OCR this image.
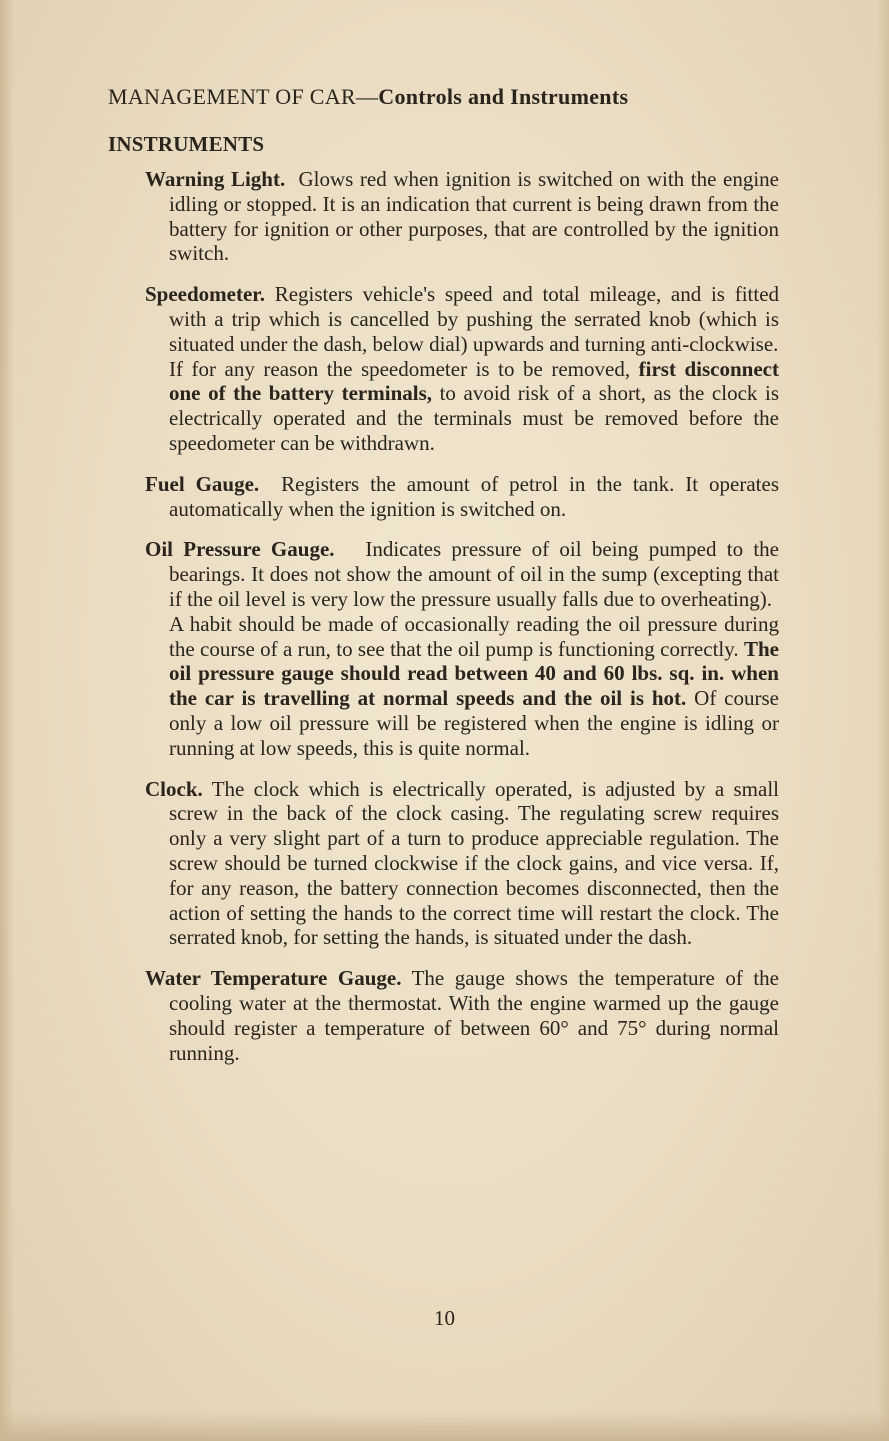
MANAGEMENT OF CAR—Controls and Instruments
INSTRUMENTS

Warning Light. Glows red when ignition is switched on with the engine idling or stopped. It is an indication that current is being drawn from the battery for ignition or other purposes, that are controlled by the ignition switch.

Speedometer. Registers vehicle's speed and total mileage, and is fitted with a trip which is cancelled by pushing the serrated knob (which is situated under the dash, below dial) upwards and turning anti-clockwise.

If for any reason the speedometer is to be removed, first disconnect one of the battery terminals, to avoid risk of a short, as the clock is electrically operated and the terminals must be removed before the speedometer can be withdrawn.

Fuel Gauge. Registers the amount of petrol in the tank. It operates automatically when the ignition is switched on.

Oil Pressure Gauge. Indicates pressure of oil being pumped to the bearings. It does not show the amount of oil in the sump (excepting that if the oil level is very low the pressure usually falls due to overheating).

A habit should be made of occasionally reading the oil pressure during the course of a run, to see that the oil pump is functioning correctly. The oil pressure gauge should read between 40 and 60 lbs. sq. in. when the car is travelling at normal speeds and the oil is hot. Of course only a low oil pressure will be registered when the engine is idling or running at low speeds, this is quite normal.

Clock. The clock which is electrically operated, is adjusted by a small screw in the back of the clock casing. The regulating screw requires only a very slight part of a turn to produce appreciable regulation. The screw should be turned clockwise if the clock gains, and vice versa. If, for any reason, the battery connection becomes disconnected, then the action of setting the hands to the correct time will restart the clock. The serrated knob, for setting the hands, is situated under the dash.

Water Temperature Gauge. The gauge shows the temperature of the cooling water at the thermostat. With the engine warmed up the gauge should register a temperature of between 60° and 75° during normal running.

10
